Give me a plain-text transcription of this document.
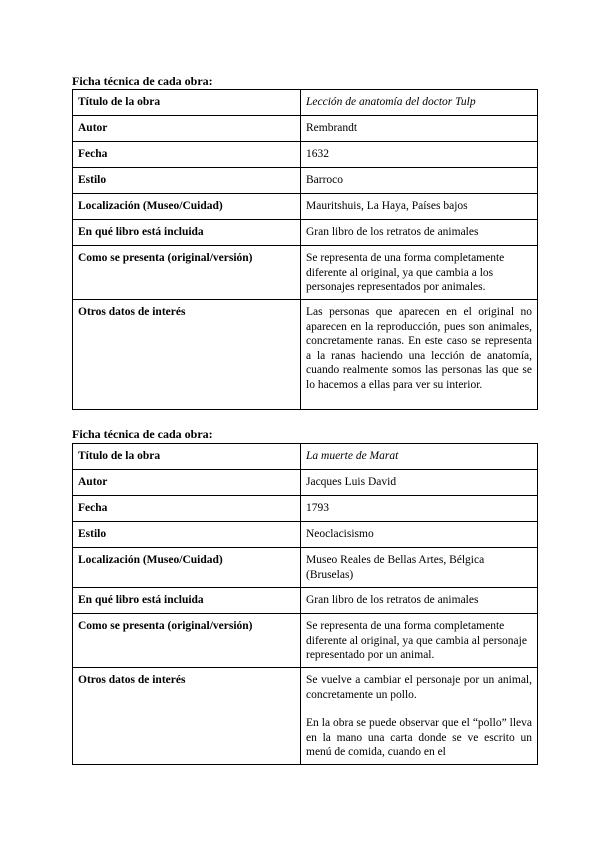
Ficha técnica de cada obra:
Título de la obra	Lección de anatomía del doctor Tulp
Autor	Rembrandt
Fecha	1632
Estilo	Barroco
Localización (Museo/Cuidad)	Mauritshuis, La Haya, Países bajos
En qué libro está incluida	Gran libro de los retratos de animales
Como se presenta (original/versión)	Se representa de una forma completamente diferente al original, ya que cambia a los personajes representados por animales.
Otros datos de interés	Las personas que aparecen en el original no aparecen en la reproducción, pues son animales, concretamente ranas. En este caso se representa a la ranas haciendo una lección de anatomía, cuando realmente somos las personas las que se lo hacemos a ellas para ver su interior.
Ficha técnica de cada obra:
Título de la obra	La muerte de Marat
Autor	Jacques Luis David
Fecha	1793
Estilo	Neoclacisismo
Localización (Museo/Cuidad)	Museo Reales de Bellas Artes, Bélgica (Bruselas)
En qué libro está incluida	Gran libro de los retratos de animales
Como se presenta (original/versión)	Se representa de una forma completamente diferente al original, ya que cambia al personaje representado por un animal.
Otros datos de interés	Se vuelve a cambiar el personaje por un animal, concretamente un pollo.
En la obra se puede observar que el “pollo” lleva en la mano una carta donde se ve escrito un menú de comida, cuando en el
